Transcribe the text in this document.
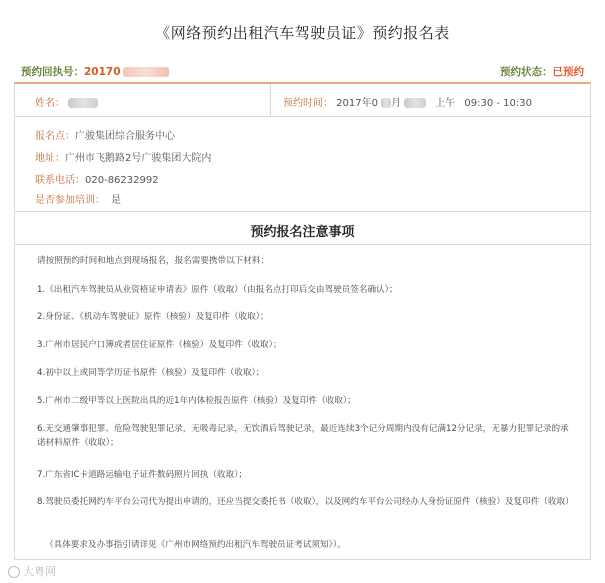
《网络预约出租汽车驾驶员证》预约报名表
预约回执号：20170	预约状态：已预约
姓名：	预约时间： 2017年0 月	上午 09:30 - 10:30
报名点：广骏集团综合服务中心
地址：广州市飞鹅路2号广骏集团大院内
联系电话：020-86232992
是否参加培训： 是
预约报名注意事项

请按照预约时间和地点到现场报名，报名需要携带以下材料：

1.《出租汽车驾驶员从业资格证申请表》原件（收取）（由报名点打印后交由驾驶员签名确认）；

2.身份证、《机动车驾驶证》原件（核验）及复印件（收取）；

3.广州市居民户口簿或者居住证原件（核验）及复印件（收取）；

4.初中以上或同等学历证书原件（核验）及复印件（收取）；

5.广州市二级甲等以上医院出具的近1年内体检报告原件（核验）及复印件（收取）；

6.无交通肇事犯罪、危险驾驶犯罪记录，无吸毒记录，无饮酒后驾驶记录，最近连续3个记分周期内没有记满12分记录，无暴力犯罪记录的承诺材料原件（收取）；

7.广东省IC卡道路运输电子证件数码照片回执（收取）；

8.驾驶员委托网约车平台公司代为提出申请的，还应当提交委托书（收取），以及网约车平台公司经办人身份证原件（核验）及复印件（收取）

（具体要求及办事指引请详见《广州市网络预约出租汽车驾驶员证考试须知》）。

大粤网
